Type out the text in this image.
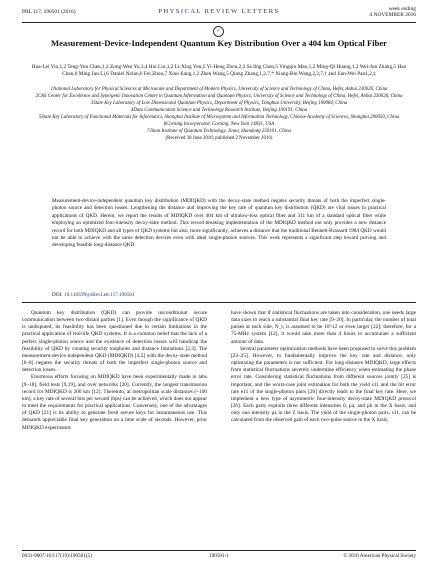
PRL 117, 190501 (2016)	PHYSICAL REVIEW LETTERS	week ending
4 NOVEMBER 2016
✓
Measurement-Device-Independent Quantum Key Distribution Over a 404 km Optical Fiber
Hua-Lei Yin,1,2 Teng-Yun Chen,1,2 Zong-Wen Yu,3,4 Hui Liu,1,2 Li-Xing You,5 Yi-Heng Zhou,2,3 Si-Jing Chen,5 Yingqiu Mao,1,2 Ming-Qi Huang,1,2 Wei-Jun Zhang,5 Hao Chen,6 Ming Jun Li,6 Daniel Nolan,6 Fei Zhou,7 Xiao Jiang,1,2 Zhen Wang,5 Qiang Zhang,1,2,7,* Xiang-Bin Wang,2,3,7,† and Jian-Wei Pan1,2,‡
1National Laboratory for Physical Sciences at Microscale and Department of Modern Physics, University of Science and Technology of China, Hefei, Anhui 230026, China
2CAS Center for Excellence and Synergetic Innovation Center in Quantum Information and Quantum Physics, University of Science and Technology of China, Hefei, Anhui 230026, China
3State Key Laboratory of Low Dimensional Quantum Physics, Department of Physics, Tsinghua University, Beijing 100084, China
4Data Communication Science and Technology Research Institute, Beijing 100191, China
5State Key Laboratory of Functional Materials for Informatics, Shanghai Institute of Microsystem and Information Technology, Chinese Academy of Sciences, Shanghai 200050, China
6Corning Incorporated, Corning, New York 14831, USA
7Jinan Institute of Quantum Technology, Jinan, Shandong 250101, China
(Received 30 June 2016; published 2 November 2016)
Measurement-device-independent quantum key distribution (MDIQKD) with the decoy-state method negates security threats of both the imperfect single-photon source and detection losses. Lengthening the distance and improving the key rate of quantum key distribution (QKD) are vital issues in practical applications of QKD. Herein, we report the results of MDIQKD over 404 km of ultralow-loss optical fiber and 311 km of a standard optical fiber while employing an optimized four-intensity decoy-state method. This record-breaking implementation of the MDIQKD method not only provides a new distance record for both MDIQKD and all types of QKD systems but also, more significantly, achieves a distance that the traditional Bennett-Brassard 1984 QKD would not be able to achieve with the same detection devices even with ideal single-photon sources. This work represents a significant step toward proving and developing feasible long-distance QKD.
DOI: 10.1103/PhysRevLett.117.190501

Quantum key distribution (QKD) can provide unconditional secure communication between two distant parties [1]. Even though the significance of QKD is undisputed, its feasibility has been questioned due to certain limitations in the practical application of real-life QKD systems. It is a common belief that the lack of a perfect single-photon source and the existence of detection losses will handicap the feasibility of QKD by creating security loopholes and distance limitations [2,3]. The measurement-device-independent QKD (MDIQKD) [4,5] with the decoy-state method [6–8] negates the security threats of both the imperfect single-photon source and detection losses.

Enormous efforts focusing on MDIQKD have been experimentally made in labs [9–18], field tests [9,19], and over networks [20]. Currently, the longest transmission record for MDIQKD is 200 km [12]. Thereinto, at metropolitan scale distances (~100 km), a key rate of several bits per second (bps) can be achieved, which does not appear to meet the requirements for practical applications. Conversely, one of the advantages of QKD [21] is its ability to generate fresh secure keys for instantaneous use. This demands appreciable final key generation on a time scale of seconds. However, prior MDIQKD experiments

have shown that if statistical fluctuations are taken into consideration, one needs large data sizes to reach a substantial final key rate [9–20]. In particular, the number of total pulses at each side, N_t, is assumed to be 10^12 or even larger [22]; therefore, for a 75-MHz system [12], it would take more than 4 hours to accumulate a sufficient amount of data.

Several parameter optimization methods have been proposed to solve this problem [23–25]. However, to fundamentally improve the key rate and distance, only optimizing the parameters is not sufficient. For long-distance MDIQKD, large effects from statistical fluctuations severely undermine efficiency when estimating the phase error rate. Considering statistical fluctuations from different sources jointly [25] is important, and the worst-case joint estimation for both the yield s11 and the bit error rate e11 of the single-photon pairs [26] directly leads to the final key rate. Here, we implement a new type of asymmetric four-intensity decoy-state MDIQKD protocol [26]. Each party exploits three different intensities 0, μa, and μb in the X basis, and only one intensity μz in the Z basis. The yield of the single-photon pairs, s11, can be calculated from the observed gain of each two-pulse source in the X basis,

0031-9007/16/117(19)/190501(5)	190501-1	© 2016 American Physical Society
